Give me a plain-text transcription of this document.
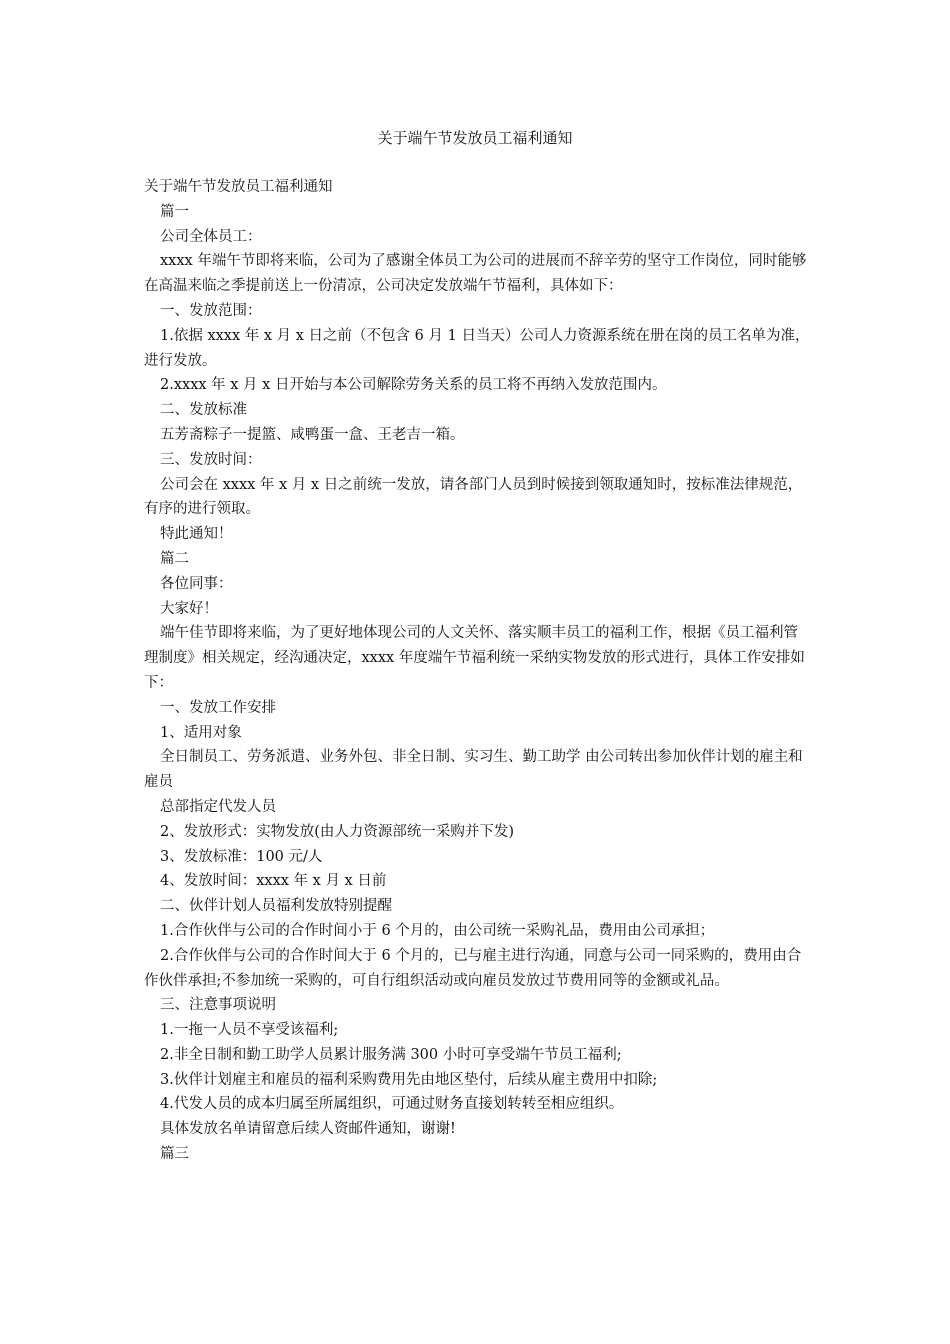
关于端午节发放员工福利通知

关于端午节发放员工福利通知

篇一

公司全体员工：

xxxx 年端午节即将来临，公司为了感谢全体员工为公司的进展而不辞辛劳的坚守工作岗位，同时能够在高温来临之季提前送上一份清凉，公司决定发放端午节福利，具体如下：

一、发放范围：

1.依据 xxxx 年 x 月 x 日之前（不包含 6 月 1 日当天）公司人力资源系统在册在岗的员工名单为准，进行发放。

2.xxxx 年 x 月 x 日开始与本公司解除劳务关系的员工将不再纳入发放范围内。

二、发放标准

五芳斋粽子一提篮、咸鸭蛋一盒、王老吉一箱。

三、发放时间：

公司会在 xxxx 年 x 月 x 日之前统一发放，请各部门人员到时候接到领取通知时，按标准法律规范，有序的进行领取。

特此通知！

篇二

各位同事：

大家好！

端午佳节即将来临，为了更好地体现公司的人文关怀、落实顺丰员工的福利工作，根据《员工福利管理制度》相关规定，经沟通决定，xxxx 年度端午节福利统一采纳实物发放的形式进行，具体工作安排如下：

一、发放工作安排

1、适用对象

全日制员工、劳务派遣、业务外包、非全日制、实习生、勤工助学 由公司转出参加伙伴计划的雇主和雇员

总部指定代发人员

2、发放形式：实物发放(由人力资源部统一采购并下发)

3、发放标准：100 元/人

4、发放时间：xxxx 年 x 月 x 日前

二、伙伴计划人员福利发放特别提醒

1.合作伙伴与公司的合作时间小于 6 个月的，由公司统一采购礼品，费用由公司承担；

2.合作伙伴与公司的合作时间大于 6 个月的，已与雇主进行沟通，同意与公司一同采购的，费用由合作伙伴承担;不参加统一采购的，可自行组织活动或向雇员发放过节费用同等的金额或礼品。

三、注意事项说明

1.一拖一人员不享受该福利;

2.非全日制和勤工助学人员累计服务满 300 小时可享受端午节员工福利;

3.伙伴计划雇主和雇员的福利采购费用先由地区垫付，后续从雇主费用中扣除;

4.代发人员的成本归属至所属组织，可通过财务直接划转转至相应组织。

具体发放名单请留意后续人资邮件通知，谢谢!

篇三
